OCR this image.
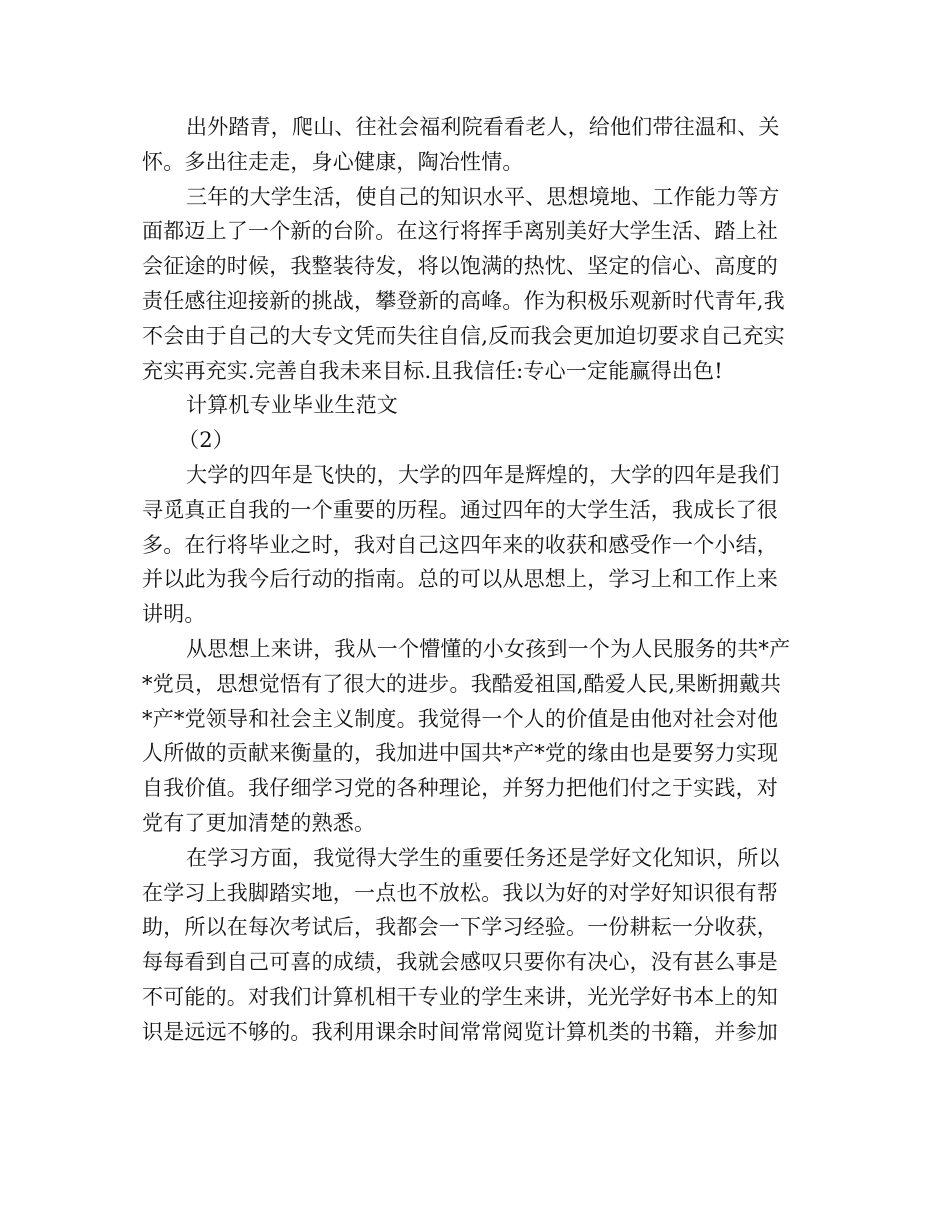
出外踏青，爬山、往社会福利院看看老人，给他们带往温和、关
怀。多出往走走，身心健康，陶冶性情。
三年的大学生活，使自己的知识水平、思想境地、工作能力等方
面都迈上了一个新的台阶。在这行将挥手离别美好大学生活、踏上社
会征途的时候，我整装待发，将以饱满的热忱、坚定的信心、高度的
责任感往迎接新的挑战，攀登新的高峰。作为积极乐观新时代青年,我
不会由于自己的大专文凭而失往自信,反而我会更加迫切要求自己充实
充实再充实.完善自我未来目标.且我信任:专心一定能赢得出色!
计算机专业毕业生范文
（2）
大学的四年是飞快的，大学的四年是辉煌的，大学的四年是我们
寻觅真正自我的一个重要的历程。通过四年的大学生活，我成长了很
多。在行将毕业之时，我对自己这四年来的收获和感受作一个小结，
并以此为我今后行动的指南。总的可以从思想上，学习上和工作上来
讲明。
从思想上来讲，我从一个懵懂的小女孩到一个为人民服务的共*产
*党员，思想觉悟有了很大的进步。我酷爱祖国,酷爱人民,果断拥戴共
*产*党领导和社会主义制度。我觉得一个人的价值是由他对社会对他
人所做的贡献来衡量的，我加进中国共*产*党的缘由也是要努力实现
自我价值。我仔细学习党的各种理论，并努力把他们付之于实践，对
党有了更加清楚的熟悉。
在学习方面，我觉得大学生的重要任务还是学好文化知识，所以
在学习上我脚踏实地，一点也不放松。我以为好的对学好知识很有帮
助，所以在每次考试后，我都会一下学习经验。一份耕耘一分收获，
每每看到自己可喜的成绩，我就会感叹只要你有决心，没有甚么事是
不可能的。对我们计算机相干专业的学生来讲，光光学好书本上的知
识是远远不够的。我利用课余时间常常阅览计算机类的书籍，并参加
